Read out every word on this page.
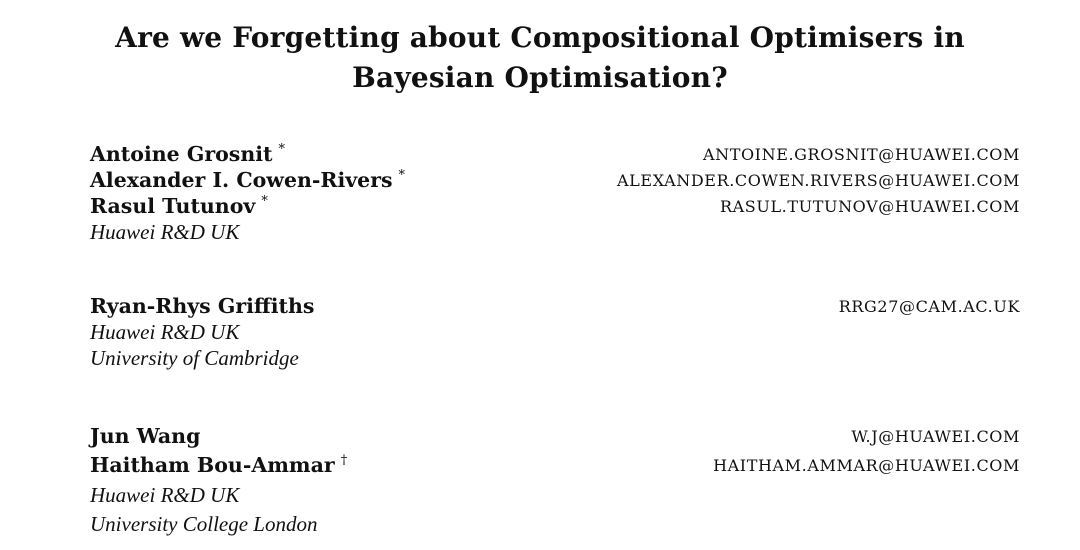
Are we Forgetting about Compositional Optimisers in
Bayesian Optimisation?
Antoine Grosnit *	ANTOINE.GROSNIT@HUAWEI.COM
Alexander I. Cowen-Rivers *	ALEXANDER.COWEN.RIVERS@HUAWEI.COM
Rasul Tutunov *	RASUL.TUTUNOV@HUAWEI.COM
Huawei R&D UK
Ryan-Rhys Griffiths	RRG27@CAM.AC.UK
Huawei R&D UK
University of Cambridge
Jun Wang	W.J@HUAWEI.COM
Haitham Bou-Ammar †	HAITHAM.AMMAR@HUAWEI.COM
Huawei R&D UK
University College London
